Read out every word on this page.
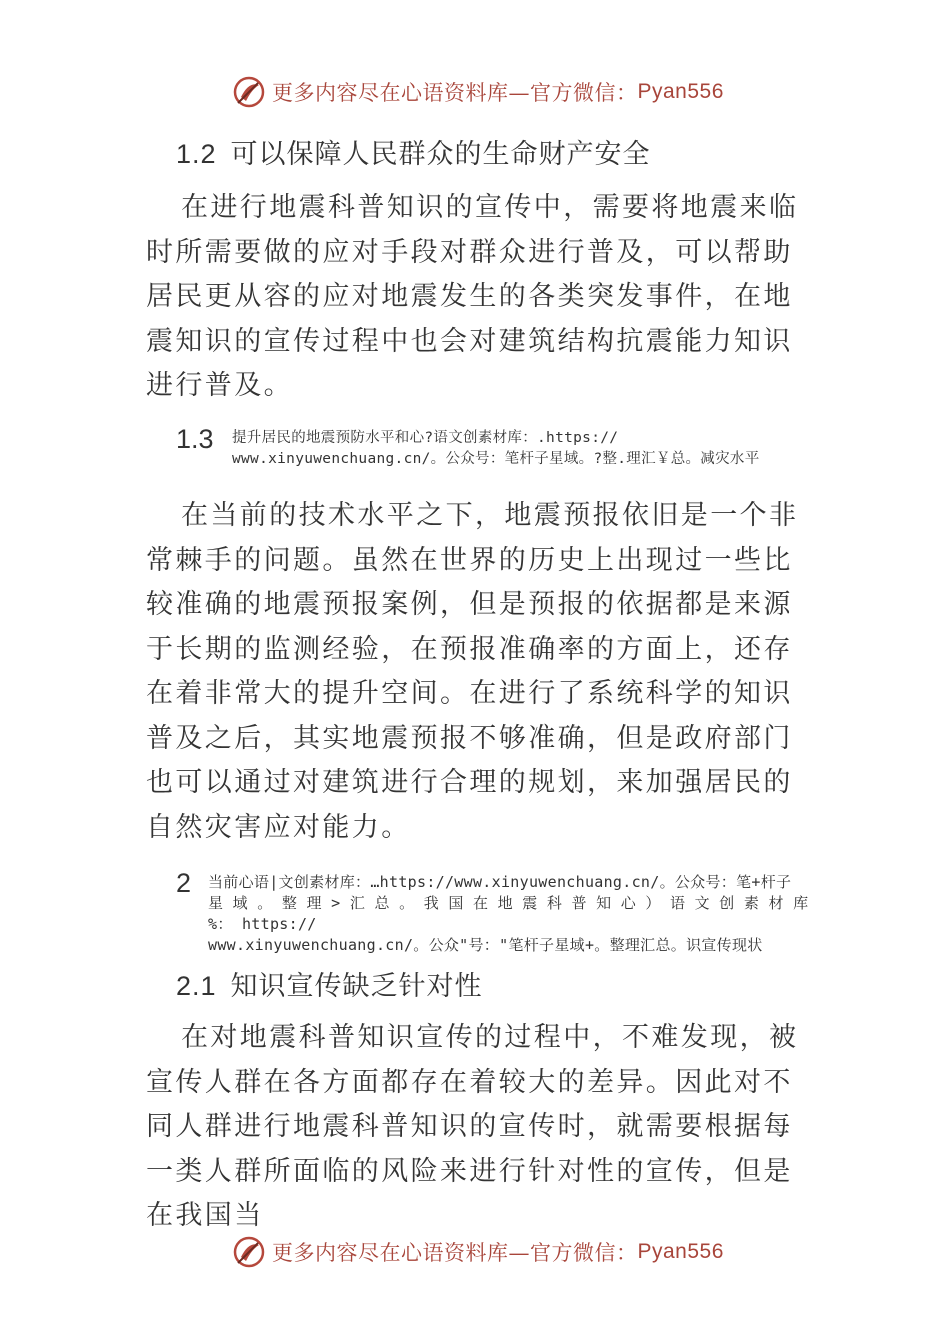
更多内容尽在心语资料库—官方微信： Pyan556
1.2 可以保障人民群众的生命财产安全

在进行地震科普知识的宣传中，需要将地震来临时所需要做的应对手段对群众进行普及，可以帮助居民更从容的应对地震发生的各类突发事件，在地震知识的宣传过程中也会对建筑结构抗震能力知识进行普及。

1.3	提升居民的地震预防水平和心?语文创素材库：.https://
www.xinyuwenchuang.cn/。公众号：笔杆子星域。?整.理汇￥总。减灾水平

在当前的技术水平之下，地震预报依旧是一个非常棘手的问题。虽然在世界的历史上出现过一些比较准确的地震预报案例，但是预报的依据都是来源于长期的监测经验，在预报准确率的方面上，还存在着非常大的提升空间。在进行了系统科学的知识普及之后，其实地震预报不够准确，但是政府部门也可以通过对建筑进行合理的规划，来加强居民的自然灾害应对能力。

2	当前心语|文创素材库：…https://www.xinyuwenchuang.cn/。公众号：笔+杆子
星 域 。 整 理 > 汇 总 。 我 国 在 地 震 科 普 知 心 ） 语 文 创 素 材 库 %： https://
www.xinyuwenchuang.cn/。公众"号："笔杆子星域+。整理汇总。识宣传现状
2.1 知识宣传缺乏针对性

在对地震科普知识宣传的过程中，不难发现，被宣传人群在各方面都存在着较大的差异。因此对不同人群进行地震科普知识的宣传时，就需要根据每一类人群所面临的风险来进行针对性的宣传，但是在我国当

更多内容尽在心语资料库—官方微信： Pyan556
